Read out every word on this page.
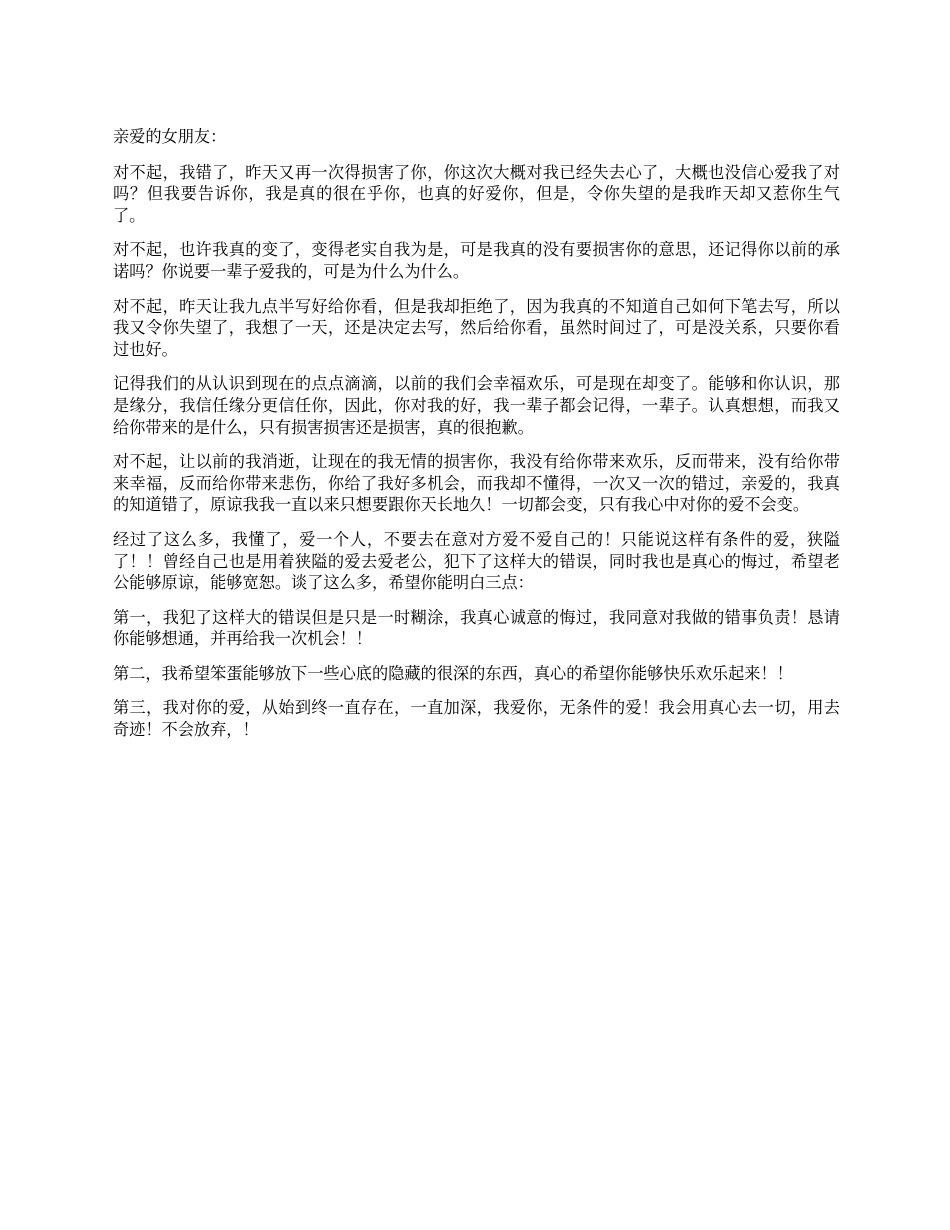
亲爱的女朋友：

对不起，我错了，昨天又再一次得损害了你，你这次大概对我已经失去心了，大概也没信心爱我了对吗？但我要告诉你，我是真的很在乎你，也真的好爱你，但是，令你失望的是我昨天却又惹你生气了。

对不起，也许我真的变了，变得老实自我为是，可是我真的没有要损害你的意思，还记得你以前的承诺吗？你说要一辈子爱我的，可是为什么为什么。

对不起，昨天让我九点半写好给你看，但是我却拒绝了，因为我真的不知道自己如何下笔去写，所以我又令你失望了，我想了一天，还是决定去写，然后给你看，虽然时间过了，可是没关系，只要你看过也好。

记得我们的从认识到现在的点点滴滴，以前的我们会幸福欢乐，可是现在却变了。能够和你认识，那是缘分，我信任缘分更信任你，因此，你对我的好，我一辈子都会记得，一辈子。认真想想，而我又给你带来的是什么，只有损害损害还是损害，真的很抱歉。

对不起，让以前的我消逝，让现在的我无情的损害你，我没有给你带来欢乐，反而带来，没有给你带来幸福，反而给你带来悲伤，你给了我好多机会，而我却不懂得，一次又一次的错过，亲爱的，我真的知道错了，原谅我我一直以来只想要跟你天长地久！一切都会变，只有我心中对你的爱不会变。

经过了这么多，我懂了，爱一个人，不要去在意对方爱不爱自己的！只能说这样有条件的爱，狭隘了！！曾经自己也是用着狭隘的爱去爱老公，犯下了这样大的错误，同时我也是真心的悔过，希望老公能够原谅，能够宽恕。谈了这么多，希望你能明白三点：

第一，我犯了这样大的错误但是只是一时糊涂，我真心诚意的悔过，我同意对我做的错事负责！恳请你能够想通，并再给我一次机会！！

第二，我希望笨蛋能够放下一些心底的隐藏的很深的东西，真心的希望你能够快乐欢乐起来！！

第三，我对你的爱，从始到终一直存在，一直加深，我爱你，无条件的爱！我会用真心去一切，用去奇迹！不会放弃，！
